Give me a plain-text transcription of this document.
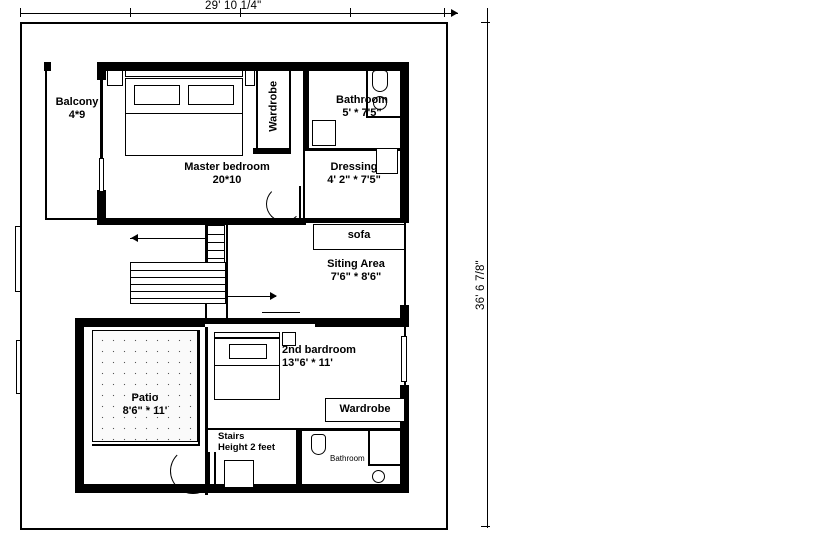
29' 10 1/4"
36' 6 7/8"
Balcony
4*9
Master bedroom
20*10
Wardrobe	Bathroom
5' * 7'5"
Dressing
4' 2" * 7'5"
sofa
Siting Area
7'6" * 8'6"
2nd bardroom
13"6' * 11'
Patio
8'6" * 11'
Stairs
Height 2 feet
Wardrobe
Bathroom
